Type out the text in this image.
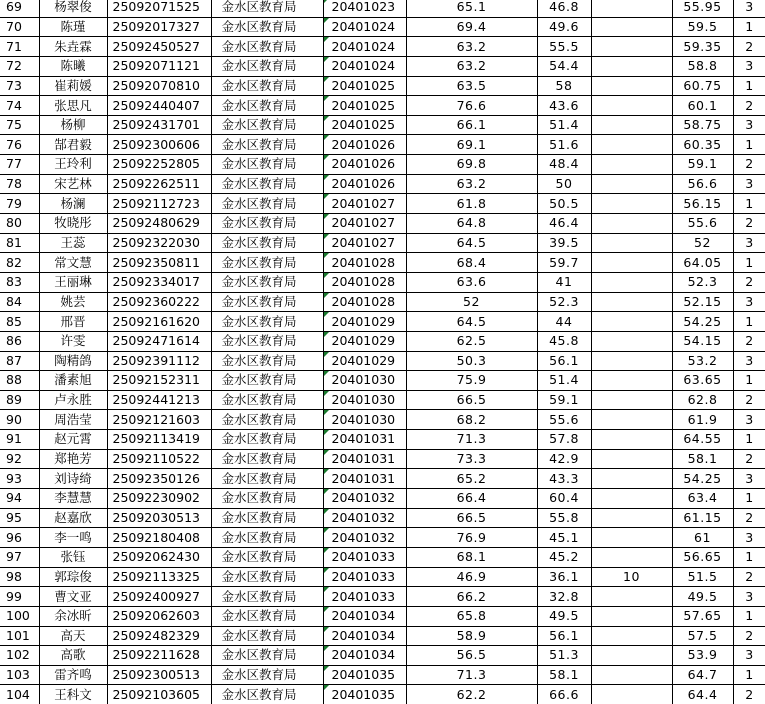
69	杨翠俊	25092071525	金水区教育局	20401023	65.1	46.8		55.95	3
70	陈瑾	25092017327	金水区教育局	20401024	69.4	49.6		59.5	1
71	朱垚霖	25092450527	金水区教育局	20401024	63.2	55.5		59.35	2
72	陈曦	25092071121	金水区教育局	20401024	63.2	54.4		58.8	3
73	崔莉媛	25092070810	金水区教育局	20401025	63.5	58		60.75	1
74	张思凡	25092440407	金水区教育局	20401025	76.6	43.6		60.1	2
75	杨柳	25092431701	金水区教育局	20401025	66.1	51.4		58.75	3
76	郜君毅	25092300606	金水区教育局	20401026	69.1	51.6		60.35	1
77	王玲利	25092252805	金水区教育局	20401026	69.8	48.4		59.1	2
78	宋艺林	25092262511	金水区教育局	20401026	63.2	50		56.6	3
79	杨澜	25092112723	金水区教育局	20401027	61.8	50.5		56.15	1
80	牧晓彤	25092480629	金水区教育局	20401027	64.8	46.4		55.6	2
81	王蕊	25092322030	金水区教育局	20401027	64.5	39.5		52	3
82	常文慧	25092350811	金水区教育局	20401028	68.4	59.7		64.05	1
83	王丽琳	25092334017	金水区教育局	20401028	63.6	41		52.3	2
84	姚芸	25092360222	金水区教育局	20401028	52	52.3		52.15	3
85	邢晋	25092161620	金水区教育局	20401029	64.5	44		54.25	1
86	许雯	25092471614	金水区教育局	20401029	62.5	45.8		54.15	2
87	陶精鸽	25092391112	金水区教育局	20401029	50.3	56.1		53.2	3
88	潘素旭	25092152311	金水区教育局	20401030	75.9	51.4		63.65	1
89	卢永胜	25092441213	金水区教育局	20401030	66.5	59.1		62.8	2
90	周浩莹	25092121603	金水区教育局	20401030	68.2	55.6		61.9	3
91	赵元霄	25092113419	金水区教育局	20401031	71.3	57.8		64.55	1
92	郑艳芳	25092110522	金水区教育局	20401031	73.3	42.9		58.1	2
93	刘诗绮	25092350126	金水区教育局	20401031	65.2	43.3		54.25	3
94	李慧慧	25092230902	金水区教育局	20401032	66.4	60.4		63.4	1
95	赵嘉欣	25092030513	金水区教育局	20401032	66.5	55.8		61.15	2
96	李一鸣	25092180408	金水区教育局	20401032	76.9	45.1		61	3
97	张钰	25092062430	金水区教育局	20401033	68.1	45.2		56.65	1
98	郭琮俊	25092113325	金水区教育局	20401033	46.9	36.1	10	51.5	2
99	曹文亚	25092400927	金水区教育局	20401033	66.2	32.8		49.5	3
100	余冰昕	25092062603	金水区教育局	20401034	65.8	49.5		57.65	1
101	高天	25092482329	金水区教育局	20401034	58.9	56.1		57.5	2
102	高歌	25092211628	金水区教育局	20401034	56.5	51.3		53.9	3
103	雷齐鸣	25092300513	金水区教育局	20401035	71.3	58.1		64.7	1
104	王科文	25092103605	金水区教育局	20401035	62.2	66.6		64.4	2
